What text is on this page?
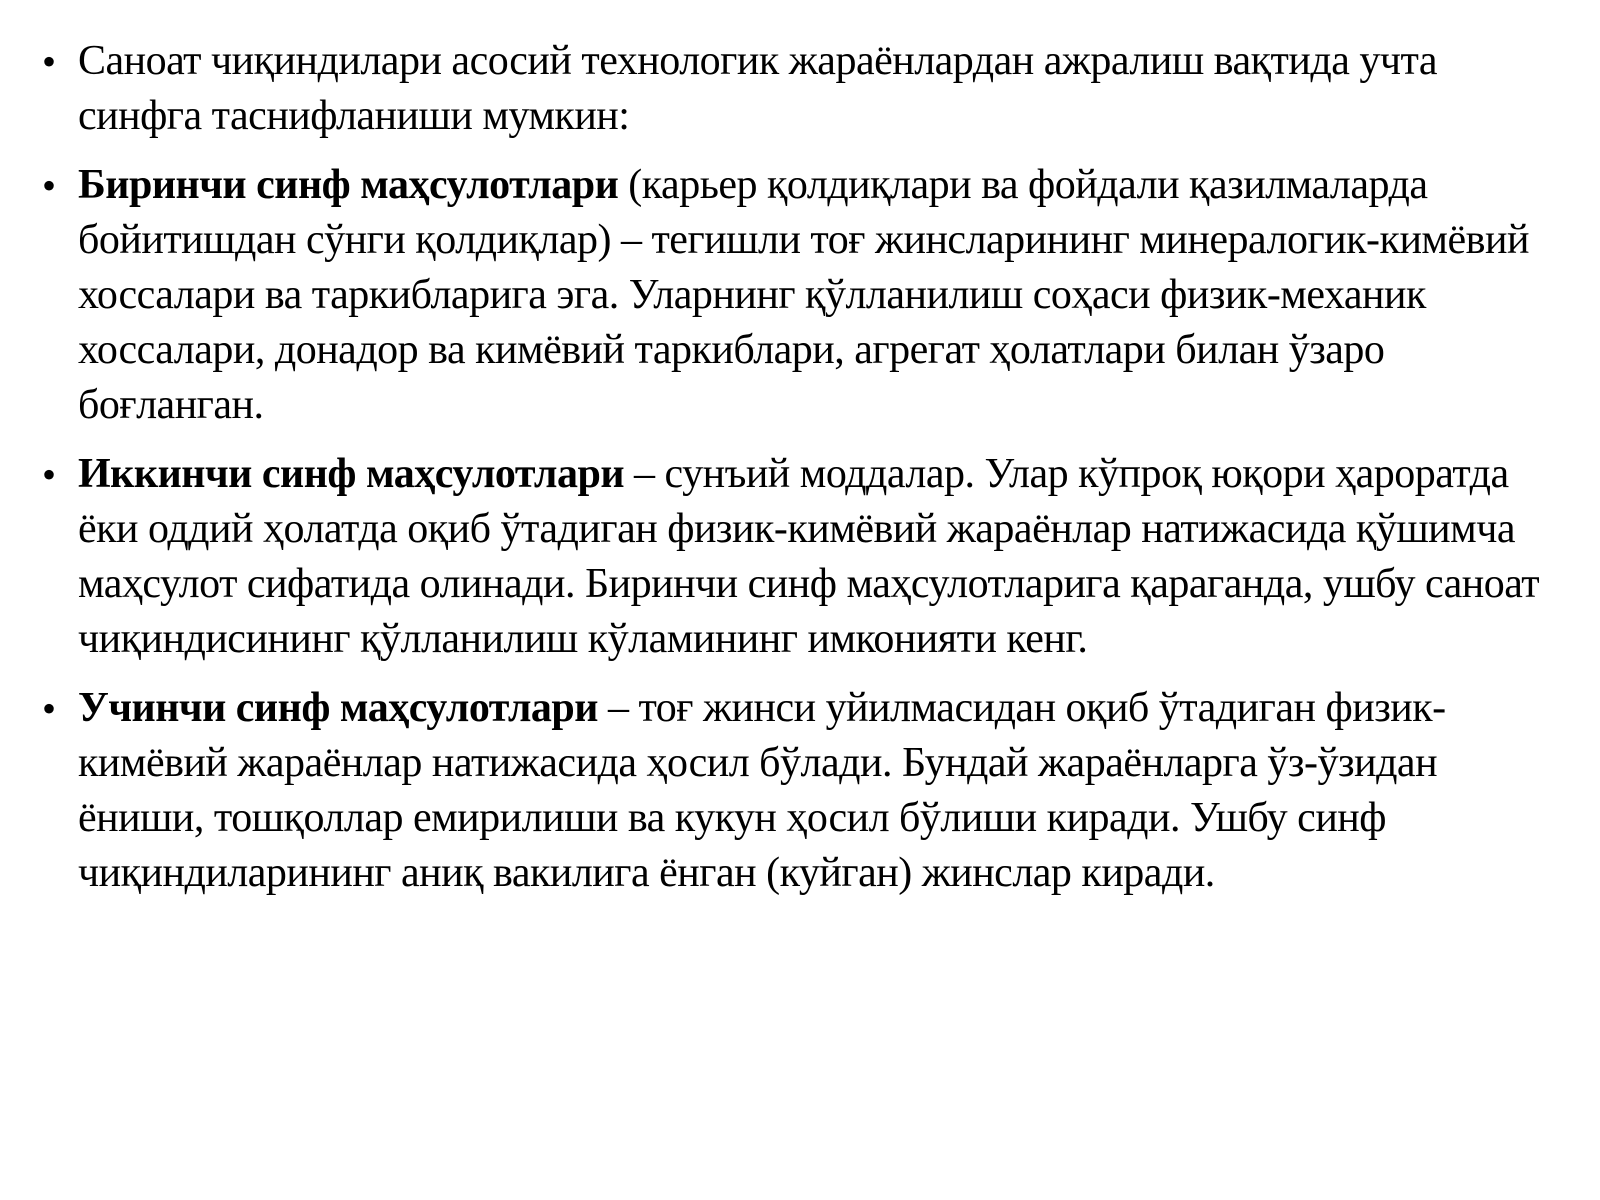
• Саноат чиқиндилари асосий технологик жараёнлардан ажралиш вақтида учта синфга таснифланиши мумкин:
• Биринчи синф маҳсулотлари (карьер қолдиқлари ва фойдали қазилмаларда бойитишдан сўнги қолдиқлар) – тегишли тоғ жинсларининг минералогик-кимёвий хоссалари ва таркибларига эга. Уларнинг қўлланилиш соҳаси физик-механик хоссалари, донадор ва кимёвий таркиблари, агрегат ҳолатлари билан ўзаро боғланган.
• Иккинчи синф маҳсулотлари – сунъий моддалар. Улар кўпроқ юқори ҳароратда ёки оддий ҳолатда оқиб ўтадиган физик-кимёвий жараёнлар натижасида қўшимча маҳсулот сифатида олинади. Биринчи синф маҳсулотларига қараганда, ушбу саноат чиқиндисининг қўлланилиш кўламининг имконияти кенг.
• Учинчи синф маҳсулотлари – тоғ жинси уйилмасидан оқиб ўтадиган физик-кимёвий жараёнлар натижасида ҳосил бўлади. Бундай жараёнларга ўз-ўзидан ёниши, тошқоллар емирилиши ва кукун ҳосил бўлиши киради. Ушбу синф чиқиндиларининг аниқ вакилига ёнган (куйган) жинслар киради.
